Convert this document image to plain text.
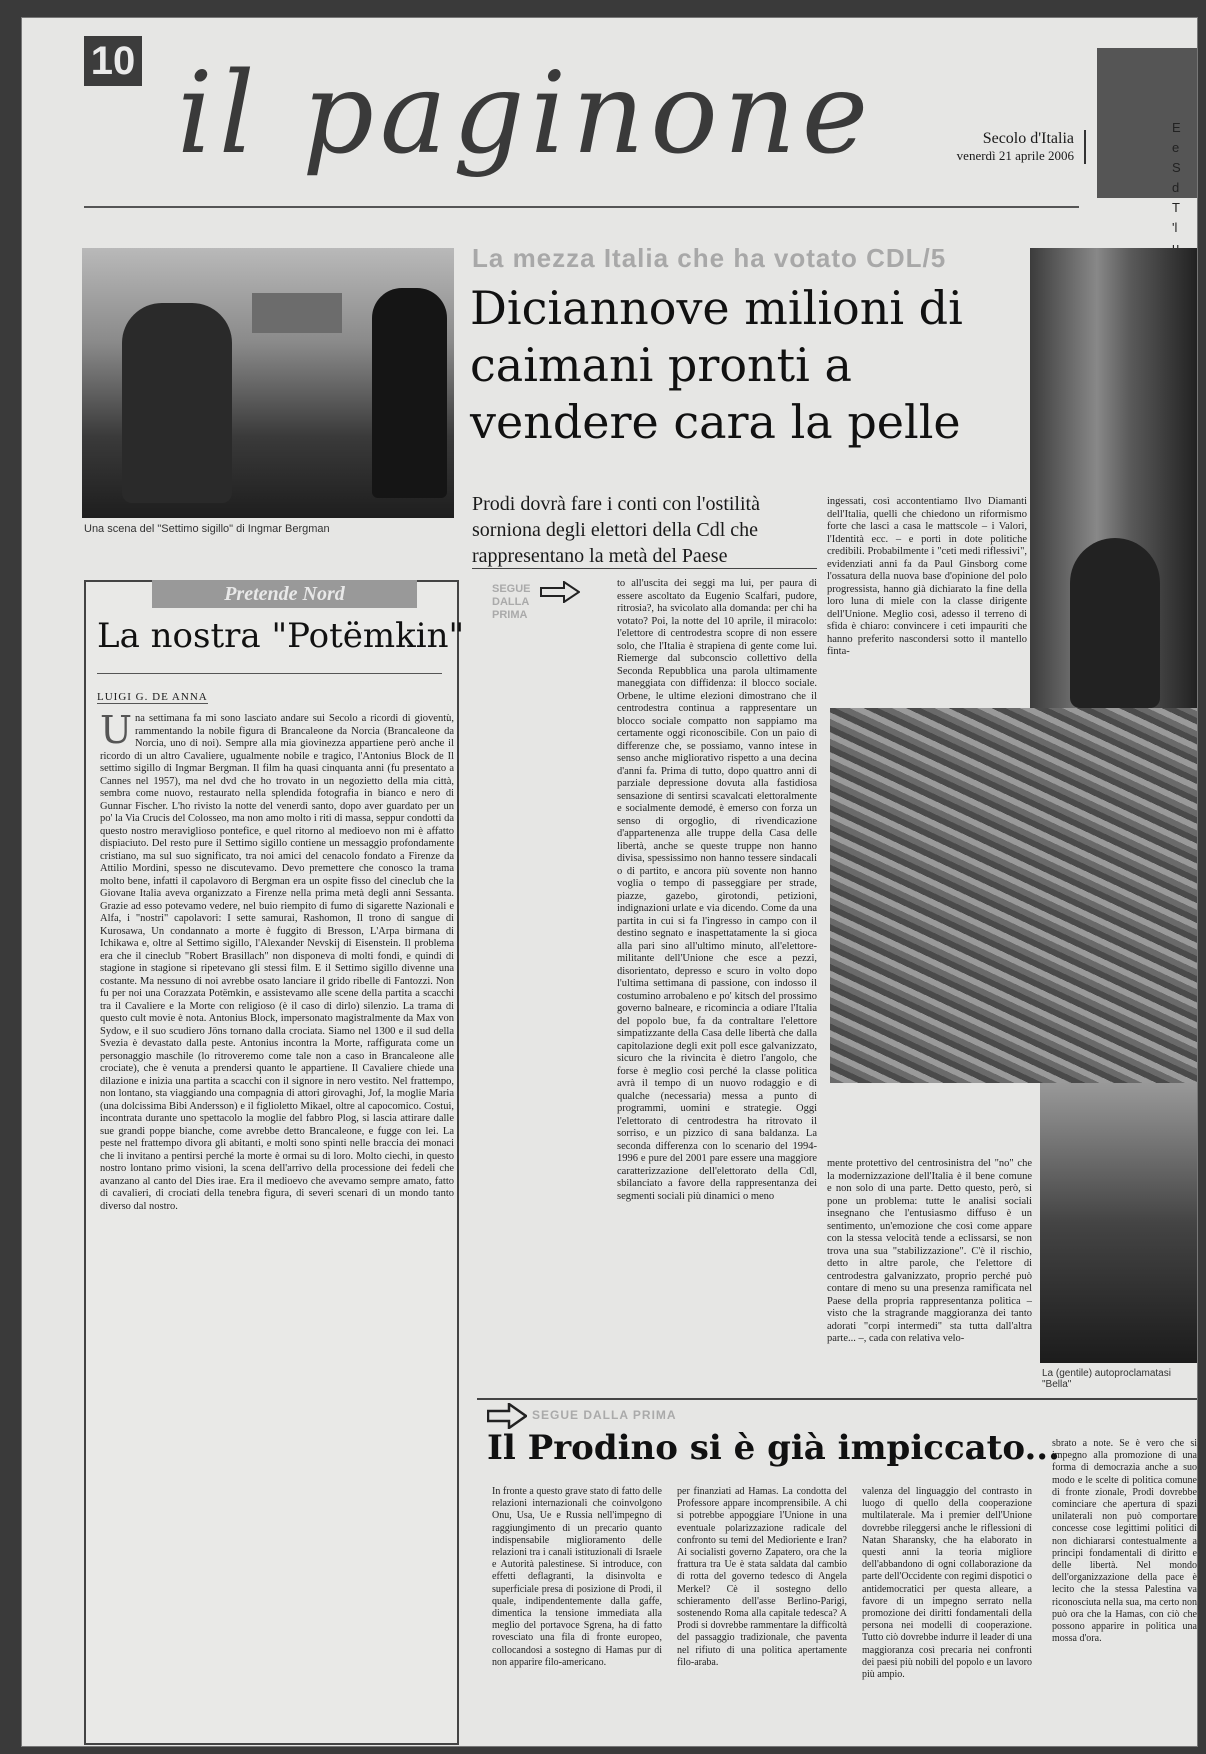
10 il paginone	Secolo d'Italia
venerdì 21 aprile 2006
E
e
S
d
T
'l
Una scena del "Settimo sigillo" di Ingmar Bergman
La mezza Italia che ha votato CDL/5
Diciannove milioni di caimani pronti a vendere cara la pelle
Prodi dovrà fare i conti con l'ostilità sorniona degli elettori della Cdl che rappresentano la metà del Paese
La (gentile) autoproclamatasi "Bella"
SEGUE DALLA PRIMA
to all'uscita dei seggi ma lui, per paura di essere ascoltato da Eugenio Scalfari, pudore, ritrosia?, ha svicolato alla domanda: per chi ha votato? Poi, la notte del 10 aprile, il miracolo: l'elettore di centrodestra scopre di non essere solo, che l'Italia è strapiena di gente come lui. Riemerge dal subconscio collettivo della Seconda Repubblica una parola ultimamente maneggiata con diffidenza: il blocco sociale. Orbene, le ultime elezioni dimostrano che il centrodestra continua a rappresentare un blocco sociale compatto non sappiamo ma certamente oggi riconoscibile. Con un paio di differenze che, se possiamo, vanno intese in senso anche migliorativo rispetto a una decina d'anni fa. Prima di tutto, dopo quattro anni di parziale depressione dovuta alla fastidiosa sensazione di sentirsi scavalcati elettoralmente e socialmente demodé, è emerso con forza un senso di orgoglio, di rivendicazione d'appartenenza alle truppe della Casa delle libertà, anche se queste truppe non hanno divisa, spessissimo non hanno tessere sindacali o di partito, e ancora più sovente non hanno voglia o tempo di passeggiare per strade, piazze, gazebo, girotondi, petizioni, indignazioni urlate e via dicendo. Come da una partita in cui si fa l'ingresso in campo con il destino segnato e inaspettatamente la si gioca alla pari sino all'ultimo minuto, all'elettore-militante dell'Unione che esce a pezzi, disorientato, depresso e scuro in volto dopo l'ultima settimana di passione, con indosso il costumino arrobaleno e po' kitsch del prossimo governo balneare, e ricomincia a odiare l'Italia del popolo bue, fa da contraltare l'elettore simpatizzante della Casa delle libertà che dalla capitolazione degli exit poll esce galvanizzato, sicuro che la rivincita è dietro l'angolo, che forse è meglio così perché la classe politica avrà il tempo di un nuovo rodaggio e di qualche (necessaria) messa a punto di programmi, uomini e strategie. Oggi l'elettorato di centrodestra ha ritrovato il sorriso, e un pizzico di sana baldanza. La seconda differenza con lo scenario del 1994-1996 e pure del 2001 pare essere una maggiore caratterizzazione dell'elettorato della Cdl, sbilanciato a favore della rappresentanza dei segmenti sociali più dinamici o meno
ingessati, così accontentiamo Ilvo Diamanti dell'Italia, quelli che chiedono un riformismo forte che lasci a casa le mattscole – i Valori, l'Identità ecc. – e porti in dote politiche credibili. Probabilmente i "ceti medi riflessivi", evidenziati anni fa da Paul Ginsborg come l'ossatura della nuova base d'opinione del polo progressista, hanno già dichiarato la fine della loro luna di miele con la classe dirigente dell'Unione. Meglio così, adesso il terreno di sfida è chiaro: convincere i ceti impauriti che hanno preferito nascondersi sotto il mantello finta-
mente protettivo del centrosinistra del "no" che la modernizzazione dell'Italia è il bene comune e non solo di una parte. Detto questo, però, si pone un problema: tutte le analisi sociali insegnano che l'entusiasmo diffuso è un sentimento, un'emozione che così come appare con la stessa velocità tende a eclissarsi, se non trova una sua "stabilizzazione". C'è il rischio, detto in altre parole, che l'elettore di centrodestra galvanizzato, proprio perché può contare di meno su una presenza ramificata nel Paese della propria rappresentanza politica – visto che la stragrande maggioranza dei tanto adorati "corpi intermedi" sta tutta dall'altra parte... –, cada con relativa velo-
Pretende Nord
La nostra "Potëmkin"
LUIGI G. DE ANNA
Una settimana fa mi sono lasciato andare sui Secolo a ricordi di gioventù, rammentando la nobile figura di Brancaleone da Norcia (Brancaleone da Norcia, uno di noi). Sempre alla mia giovinezza appartiene però anche il ricordo di un altro Cavaliere, ugualmente nobile e tragico, l'Antonius Block de Il settimo sigillo di Ingmar Bergman. Il film ha quasi cinquanta anni (fu presentato a Cannes nel 1957), ma nel dvd che ho trovato in un negozietto della mia città, sembra come nuovo, restaurato nella splendida fotografia in bianco e nero di Gunnar Fischer. L'ho rivisto la notte del venerdì santo, dopo aver guardato per un po' la Via Crucis del Colosseo, ma non amo molto i riti di massa, seppur condotti da questo nostro meraviglioso pontefice, e quel ritorno al medioevo non mi è affatto dispiaciuto. Del resto pure il Settimo sigillo contiene un messaggio profondamente cristiano, ma sul suo significato, tra noi amici del cenacolo fondato a Firenze da Attilio Mordini, spesso ne discutevamo. Devo premettere che conosco la trama molto bene, infatti il capolavoro di Bergman era un ospite fisso del cineclub che la Giovane Italia aveva organizzato a Firenze nella prima metà degli anni Sessanta. Grazie ad esso potevamo vedere, nel buio riempito di fumo di sigarette Nazionali e Alfa, i "nostri" capolavori: I sette samurai, Rashomon, Il trono di sangue di Kurosawa, Un condannato a morte è fuggito di Bresson, L'Arpa birmana di Ichikawa e, oltre al Settimo sigillo, l'Alexander Nevskij di Eisenstein. Il problema era che il cineclub "Robert Brasillach" non disponeva di molti fondi, e quindi di stagione in stagione si ripetevano gli stessi film. E il Settimo sigillo divenne una costante. Ma nessuno di noi avrebbe osato lanciare il grido ribelle di Fantozzi. Non fu per noi una Corazzata Potëmkin, e assistevamo alle scene della partita a scacchi tra il Cavaliere e la Morte con religioso (è il caso di dirlo) silenzio. La trama di questo cult movie è nota. Antonius Block, impersonato magistralmente da Max von Sydow, e il suo scudiero Jöns tornano dalla crociata. Siamo nel 1300 e il sud della Svezia è devastato dalla peste. Antonius incontra la Morte, raffigurata come un personaggio maschile (lo ritroveremo come tale non a caso in Brancaleone alle crociate), che è venuta a prendersi quanto le appartiene. Il Cavaliere chiede una dilazione e inizia una partita a scacchi con il signore in nero vestito. Nel frattempo, non lontano, sta viaggiando una compagnia di attori girovaghi, Jof, la moglie Maria (una dolcissima Bibi Andersson) e il figlioletto Mikael, oltre al capocomico. Costui, incontrata durante uno spettacolo la moglie del fabbro Plog, si lascia attirare dalle sue grandi poppe bianche, come avrebbe detto Brancaleone, e fugge con lei. La peste nel frattempo divora gli abitanti, e molti sono spinti nelle braccia dei monaci che li invitano a pentirsi perché la morte è ormai su di loro. Molto ciechi, in questo nostro lontano primo visioni, la scena dell'arrivo della processione dei fedeli che avanzano al canto del Dies irae. Era il medioevo che avevamo sempre amato, fatto di cavalieri, di crociati della tenebra figura, di severi scenari di un mondo tanto diverso dal nostro.
SEGUE DALLA PRIMA
Il Prodino si è già impiccato...
In fronte a questo grave stato di fatto delle relazioni internazionali che coinvolgono Onu, Usa, Ue e Russia nell'impegno di raggiungimento di un precario quanto indispensabile miglioramento delle relazioni tra i canali istituzionali di Israele e Autorità palestinese. Si introduce, con effetti deflagranti, la disinvolta e superficiale presa di posizione di Prodi, il quale, indipendentemente dalla gaffe, dimentica la tensione immediata alla meglio del portavoce Sgrena, ha di fatto rovesciato una fila di fronte europeo, collocandosi a sostegno di Hamas pur di non apparire filo-americano.
per finanziati ad Hamas. La condotta del Professore appare incomprensibile. A chi si potrebbe appoggiare l'Unione in una eventuale polarizzazione radicale del confronto su temi del Medioriente e Iran? Ai socialisti governo Zapatero, ora che la frattura tra Ue è stata saldata dal cambio di rotta del governo tedesco di Angela Merkel? Cè il sostegno dello schieramento dell'asse Berlino-Parigi, sostenendo Roma alla capitale tedesca? A Prodi si dovrebbe rammentare la difficoltà del passaggio tradizionale, che paventa nel rifiuto di una politica apertamente filo-araba.
valenza del linguaggio del contrasto in luogo di quello della cooperazione multilaterale. Ma i premier dell'Unione dovrebbe rileggersi anche le riflessioni di Natan Sharansky, che ha elaborato in questi anni la teoria migliore dell'abbandono di ogni collaborazione da parte dell'Occidente con regimi dispotici o antidemocratici per questa alleare, a favore di un impegno serrato nella promozione dei diritti fondamentali della persona nei modelli di cooperazione. Tutto ciò dovrebbe indurre il leader di una maggioranza così precaria nei confronti dei paesi più nobili del popolo e un lavoro più ampio.
sbrato a note. Se è vero che si impegno alla promozione di una forma di democrazia anche a suo modo e le scelte di politica comune di fronte zionale, Prodi dovrebbe cominciare che apertura di spazi unilaterali non può comportare concesse cose legittimi politici di non dichiararsi contestualmente a principi fondamentali di diritto e delle libertà. Nel mondo dell'organizzazione della pace è lecito che la stessa Palestina va riconosciuta nella sua, ma certo non può ora che la Hamas, con ciò che possono apparire in politica una mossa d'ora.
